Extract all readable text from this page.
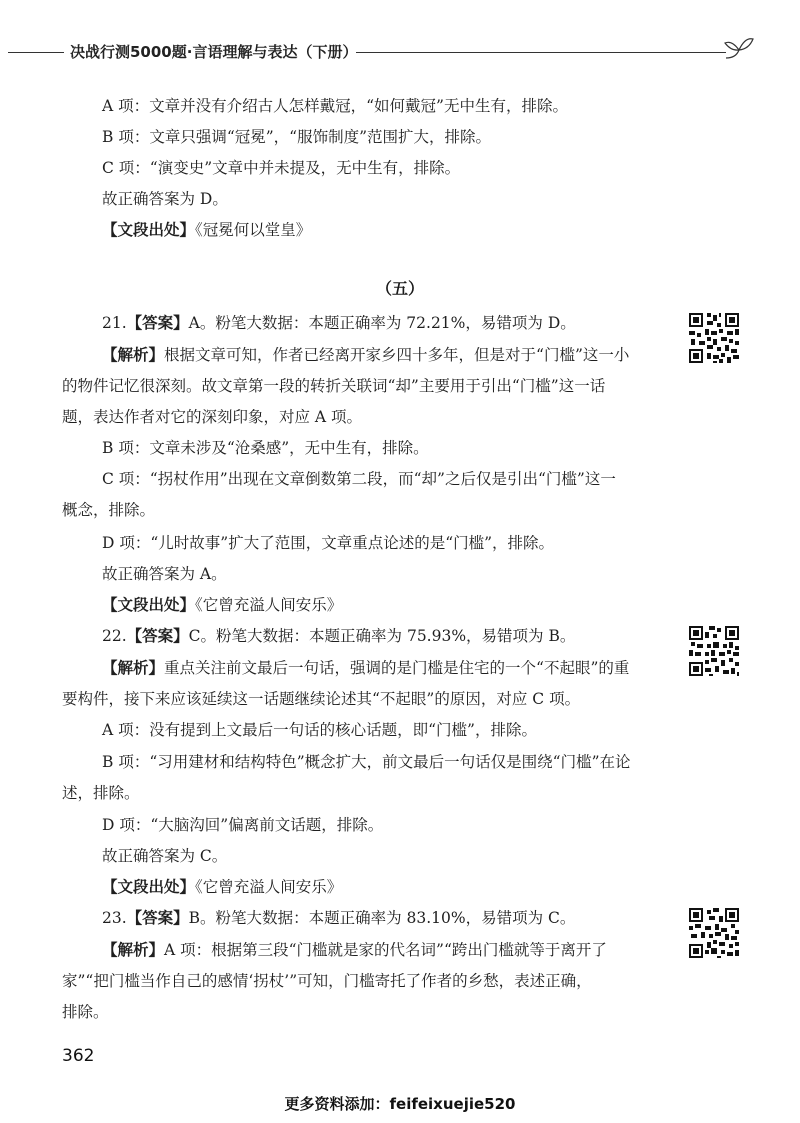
决战行测5000题·言语理解与表达（下册）
A 项：文章并没有介绍古人怎样戴冠，“如何戴冠”无中生有，排除。
B 项：文章只强调“冠冕”，“服饰制度”范围扩大，排除。
C 项：“演变史”文章中并未提及，无中生有，排除。
故正确答案为 D。
【文段出处】《冠冕何以堂皇》
（五）
21.【答案】A。粉笔大数据：本题正确率为 72.21%，易错项为 D。
【解析】根据文章可知，作者已经离开家乡四十多年，但是对于“门槛”这一小
的物件记忆很深刻。故文章第一段的转折关联词“却”主要用于引出“门槛”这一话
题，表达作者对它的深刻印象，对应 A 项。
B 项：文章未涉及“沧桑感”，无中生有，排除。
C 项：“拐杖作用”出现在文章倒数第二段，而“却”之后仅是引出“门槛”这一
概念，排除。
D 项：“儿时故事”扩大了范围，文章重点论述的是“门槛”，排除。
故正确答案为 A。
【文段出处】《它曾充溢人间安乐》
22.【答案】C。粉笔大数据：本题正确率为 75.93%，易错项为 B。
【解析】重点关注前文最后一句话，强调的是门槛是住宅的一个“不起眼”的重
要构件，接下来应该延续这一话题继续论述其“不起眼”的原因，对应 C 项。
A 项：没有提到上文最后一句话的核心话题，即“门槛”，排除。
B 项：“习用建材和结构特色”概念扩大，前文最后一句话仅是围绕“门槛”在论
述，排除。
D 项：“大脑沟回”偏离前文话题，排除。
故正确答案为 C。
【文段出处】《它曾充溢人间安乐》
23.【答案】B。粉笔大数据：本题正确率为 83.10%，易错项为 C。
【解析】A 项：根据第三段“门槛就是家的代名词”“跨出门槛就等于离开了
家”“把门槛当作自己的感情‘拐杖’”可知，门槛寄托了作者的乡愁，表述正确，
排除。
362
更多资料添加：feifeixuejie520
